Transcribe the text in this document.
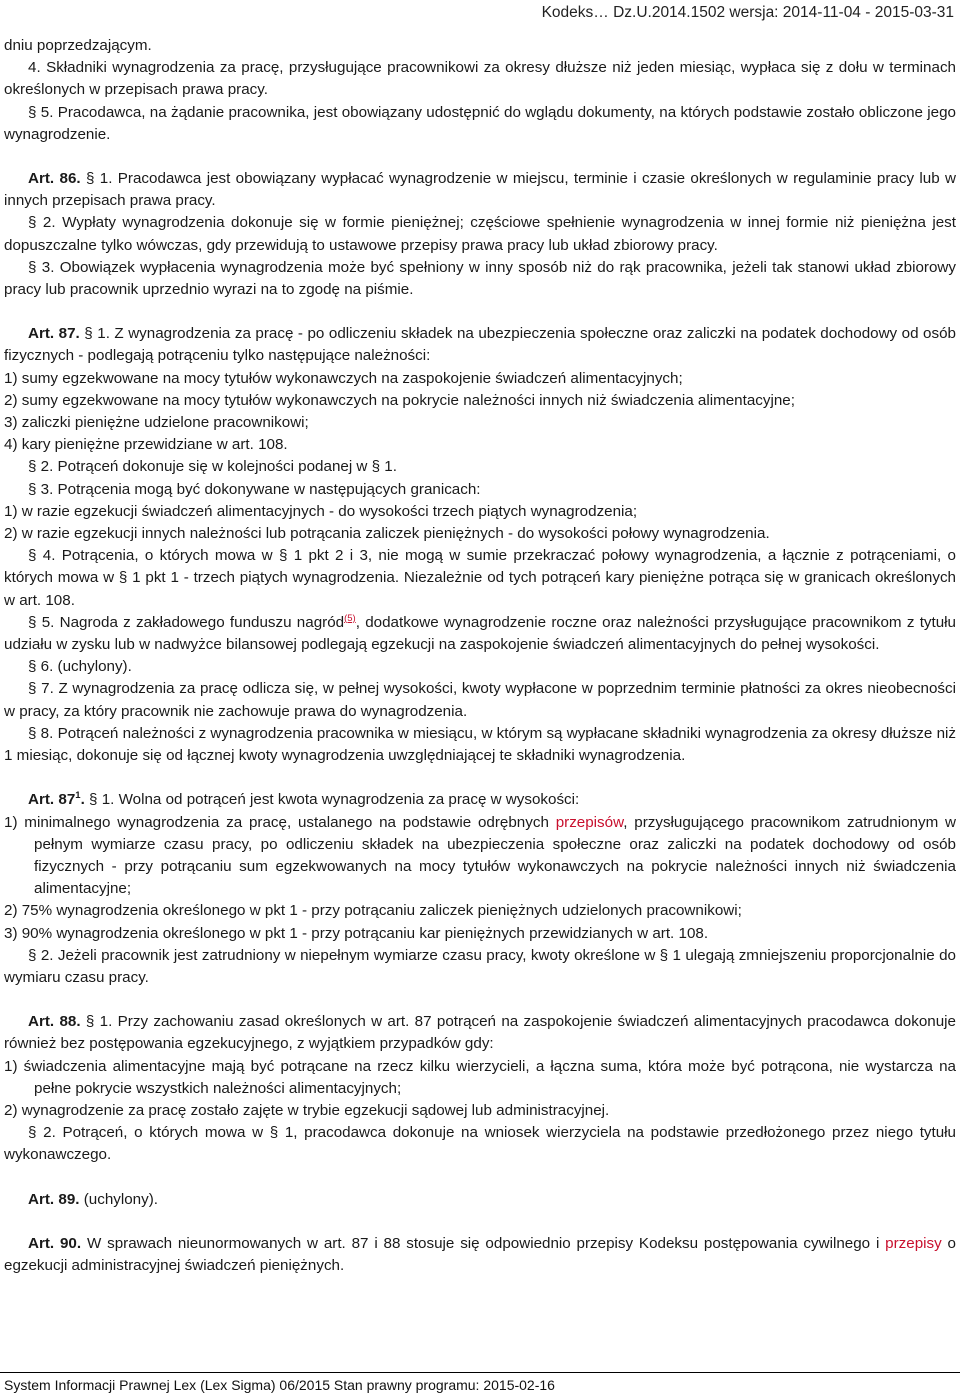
Kodeks… Dz.U.2014.1502 wersja: 2014-11-04 - 2015-03-31

dniu poprzedzającym.

4. Składniki wynagrodzenia za pracę, przysługujące pracownikowi za okresy dłuższe niż jeden miesiąc, wypłaca się z dołu w terminach określonych w przepisach prawa pracy.

§ 5. Pracodawca, na żądanie pracownika, jest obowiązany udostępnić do wglądu dokumenty, na których podstawie zostało obliczone jego wynagrodzenie.

Art. 86. § 1. Pracodawca jest obowiązany wypłacać wynagrodzenie w miejscu, terminie i czasie określonych w regulaminie pracy lub w innych przepisach prawa pracy.

§ 2. Wypłaty wynagrodzenia dokonuje się w formie pieniężnej; częściowe spełnienie wynagrodzenia w innej formie niż pieniężna jest dopuszczalne tylko wówczas, gdy przewidują to ustawowe przepisy prawa pracy lub układ zbiorowy pracy.

§ 3. Obowiązek wypłacenia wynagrodzenia może być spełniony w inny sposób niż do rąk pracownika, jeżeli tak stanowi układ zbiorowy pracy lub pracownik uprzednio wyrazi na to zgodę na piśmie.

Art. 87. § 1. Z wynagrodzenia za pracę - po odliczeniu składek na ubezpieczenia społeczne oraz zaliczki na podatek dochodowy od osób fizycznych - podlegają potrąceniu tylko następujące należności:

1) sumy egzekwowane na mocy tytułów wykonawczych na zaspokojenie świadczeń alimentacyjnych;

2) sumy egzekwowane na mocy tytułów wykonawczych na pokrycie należności innych niż świadczenia alimentacyjne;

3) zaliczki pieniężne udzielone pracownikowi;

4) kary pieniężne przewidziane w art. 108.

§ 2. Potrąceń dokonuje się w kolejności podanej w § 1.

§ 3. Potrącenia mogą być dokonywane w następujących granicach:

1) w razie egzekucji świadczeń alimentacyjnych - do wysokości trzech piątych wynagrodzenia;

2) w razie egzekucji innych należności lub potrącania zaliczek pieniężnych - do wysokości połowy wynagrodzenia.

§ 4. Potrącenia, o których mowa w § 1 pkt 2 i 3, nie mogą w sumie przekraczać połowy wynagrodzenia, a łącznie z potrąceniami, o których mowa w § 1 pkt 1 - trzech piątych wynagrodzenia. Niezależnie od tych potrąceń kary pieniężne potrąca się w granicach określonych w art. 108.

§ 5. Nagroda z zakładowego funduszu nagród$^{(5)}$, dodatkowe wynagrodzenie roczne oraz należności przysługujące pracownikom z tytułu udziału w zysku lub w nadwyżce bilansowej podlegają egzekucji na zaspokojenie świadczeń alimentacyjnych do pełnej wysokości.

§ 6. (uchylony).

§ 7. Z wynagrodzenia za pracę odlicza się, w pełnej wysokości, kwoty wypłacone w poprzednim terminie płatności za okres nieobecności w pracy, za który pracownik nie zachowuje prawa do wynagrodzenia.

§ 8. Potrąceń należności z wynagrodzenia pracownika w miesiącu, w którym są wypłacane składniki wynagrodzenia za okresy dłuższe niż 1 miesiąc, dokonuje się od łącznej kwoty wynagrodzenia uwzględniającej te składniki wynagrodzenia.

Art. $87^1$. § 1. Wolna od potrąceń jest kwota wynagrodzenia za pracę w wysokości:

1) minimalnego wynagrodzenia za pracę, ustalanego na podstawie odrębnych przepisów, przysługującego pracownikom zatrudnionym w pełnym wymiarze czasu pracy, po odliczeniu składek na ubezpieczenia społeczne oraz zaliczki na podatek dochodowy od osób fizycznych - przy potrącaniu sum egzekwowanych na mocy tytułów wykonawczych na pokrycie należności innych niż świadczenia alimentacyjne;

2) 75% wynagrodzenia określonego w pkt 1 - przy potrącaniu zaliczek pieniężnych udzielonych pracownikowi;

3) 90% wynagrodzenia określonego w pkt 1 - przy potrącaniu kar pieniężnych przewidzianych w art. 108.

§ 2. Jeżeli pracownik jest zatrudniony w niepełnym wymiarze czasu pracy, kwoty określone w § 1 ulegają zmniejszeniu proporcjonalnie do wymiaru czasu pracy.

Art. 88. § 1. Przy zachowaniu zasad określonych w art. 87 potrąceń na zaspokojenie świadczeń alimentacyjnych pracodawca dokonuje również bez postępowania egzekucyjnego, z wyjątkiem przypadków gdy:

1) świadczenia alimentacyjne mają być potrącane na rzecz kilku wierzycieli, a łączna suma, która może być potrącona, nie wystarcza na pełne pokrycie wszystkich należności alimentacyjnych;

2) wynagrodzenie za pracę zostało zajęte w trybie egzekucji sądowej lub administracyjnej.

§ 2. Potrąceń, o których mowa w § 1, pracodawca dokonuje na wniosek wierzyciela na podstawie przedłożonego przez niego tytułu wykonawczego.

Art. 89. (uchylony).

Art. 90. W sprawach nieunormowanych w art. 87 i 88 stosuje się odpowiednio przepisy Kodeksu postępowania cywilnego i przepisy o egzekucji administracyjnej świadczeń pieniężnych.

System Informacji Prawnej Lex (Lex Sigma) 06/2015 Stan prawny programu: 2015-02-16
